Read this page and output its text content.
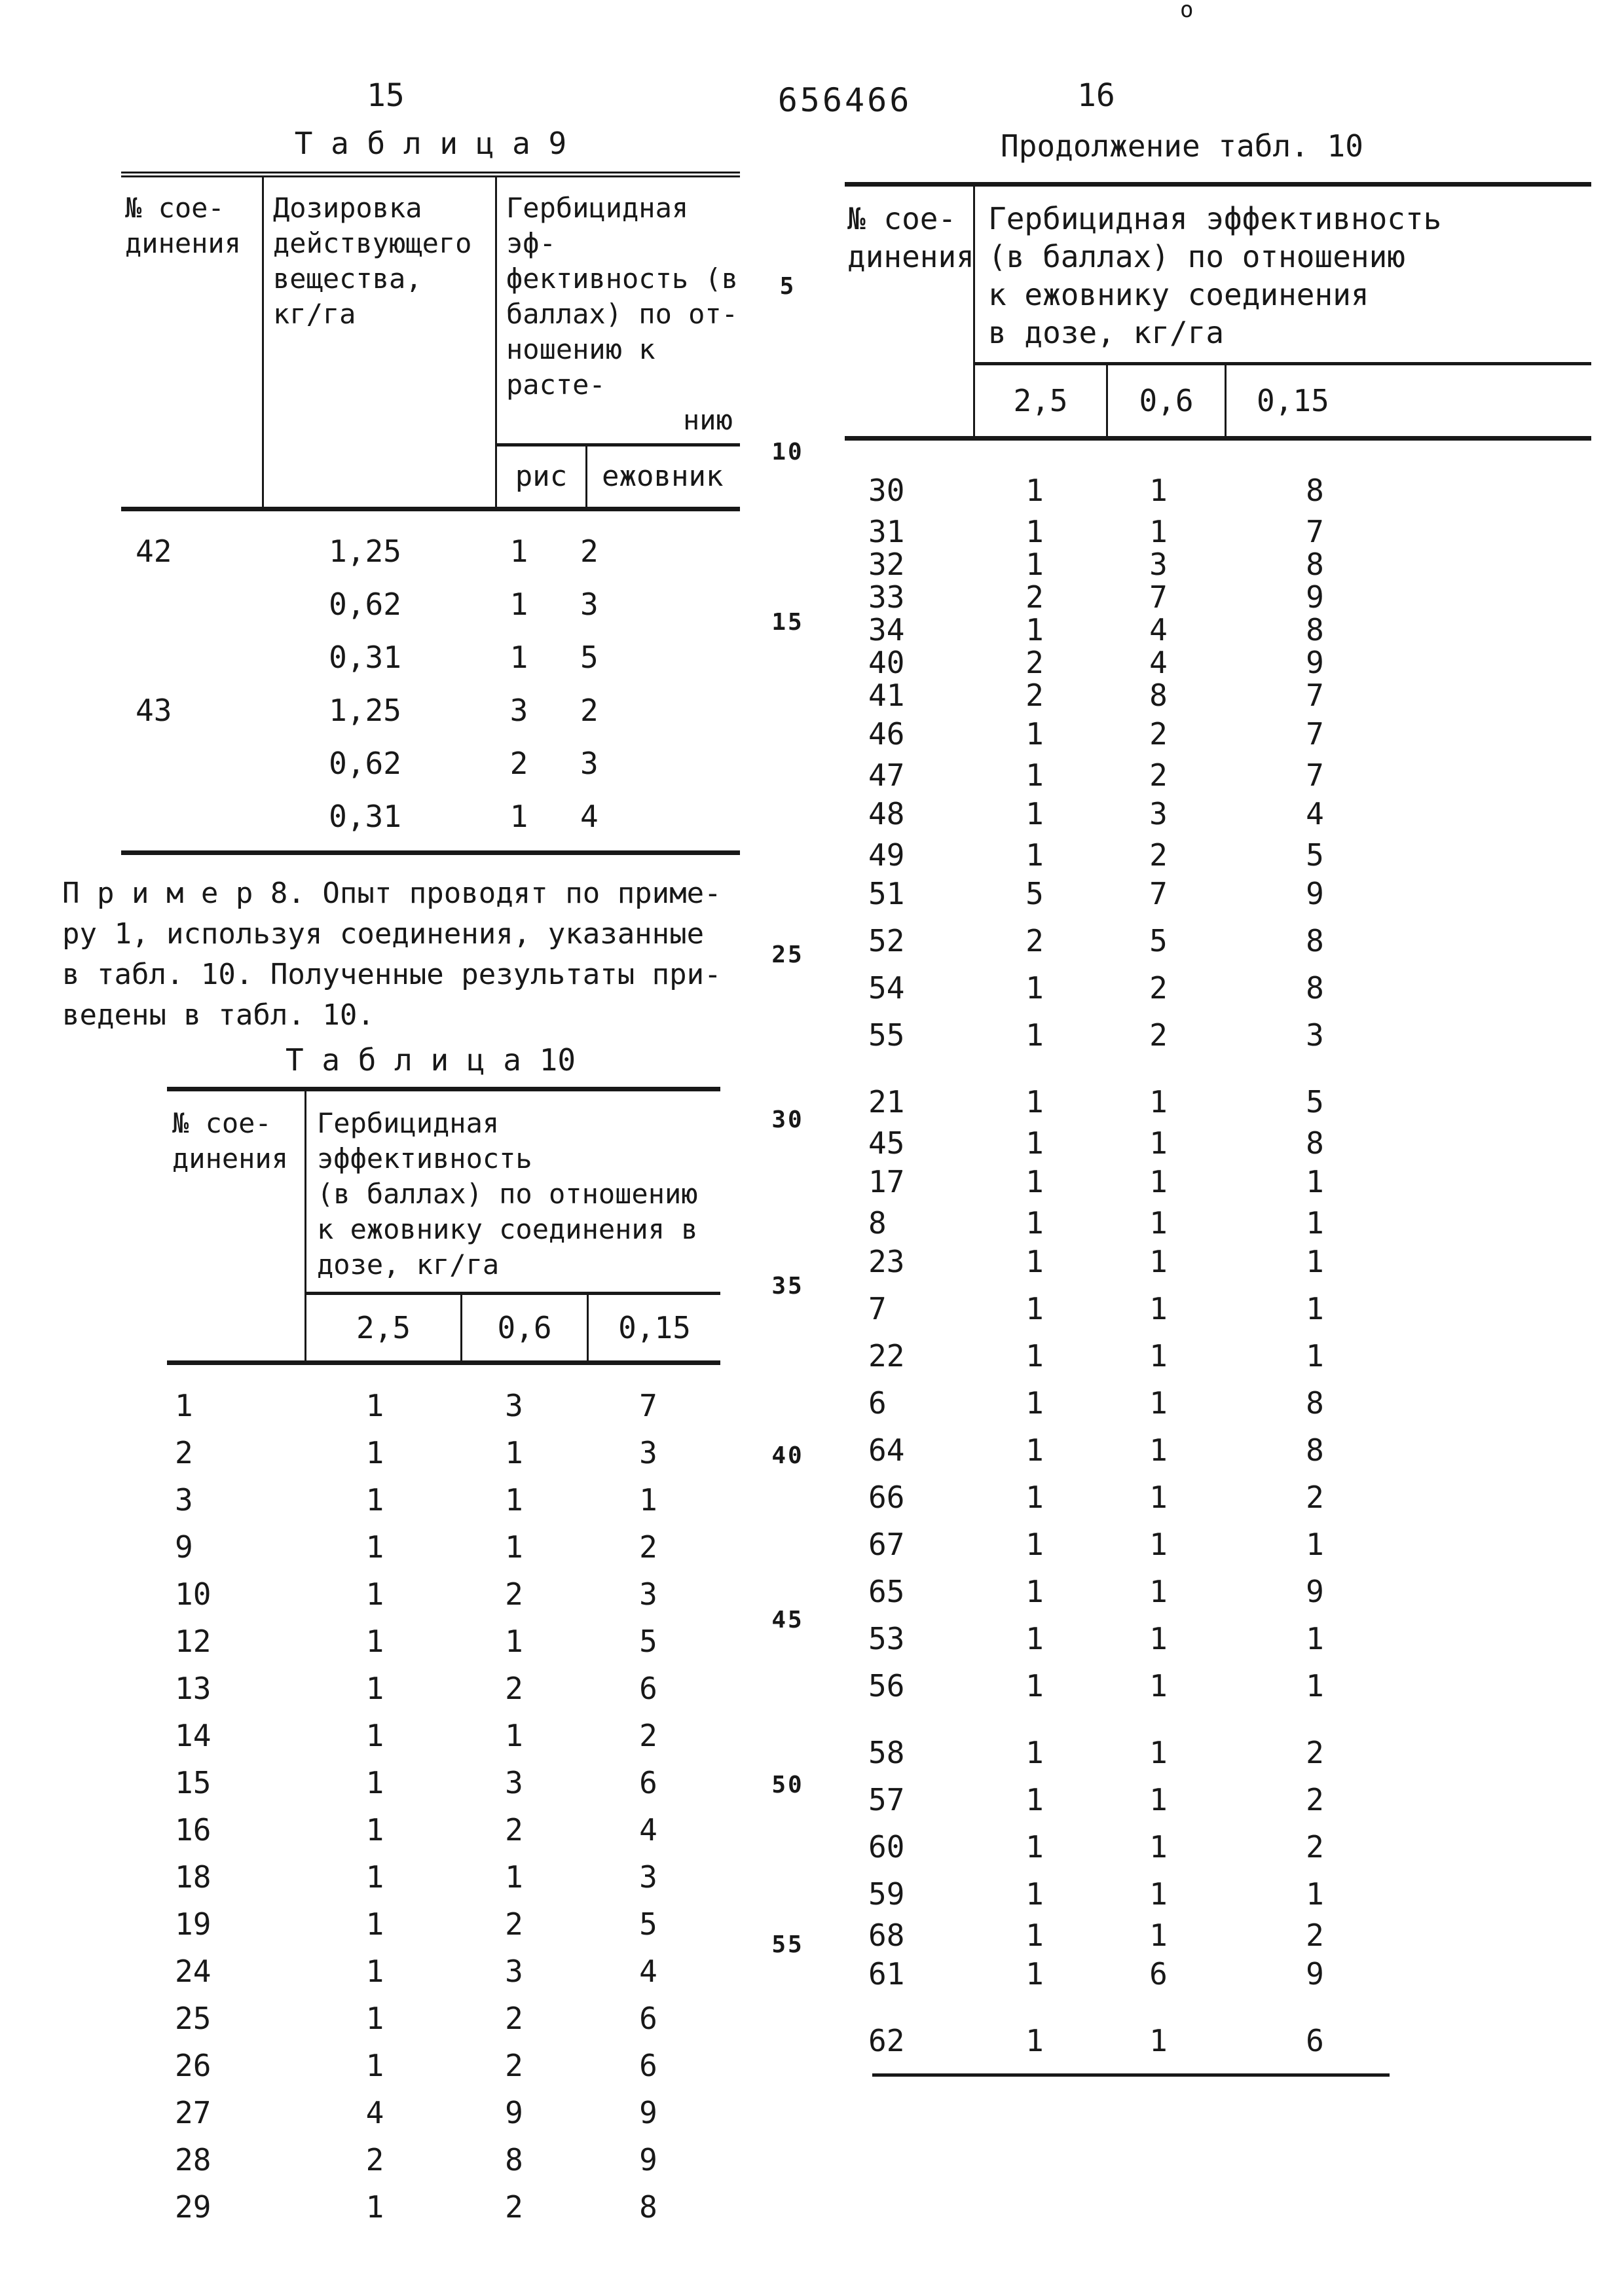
15	656466	16
5
10
15
25
30
35
40
45
50
55
Т а б л и ц а 9
№ сое-
динения
Дозировка
действующего
вещества,
кг/га
Гербицидная эф-
фективность (в
баллах) по от-
ношению к расте-
нию
рис	ежовник
42	1,25	1	2
0,62	1	3
0,31	1	5
43	1,25	3	2
0,62	2	3
0,31	1	4
П р и м е р 8. Опыт проводят по приме-
ру 1, используя соединения, указанные
в табл. 10. Полученные результаты при-
ведены в табл. 10.
Т а б л и ц а 10
№ сое-
динения
Гербицидная эффективность
(в баллах) по отношению
к ежовнику соединения в
дозе, кг/га
2,5	0,6	0,15
1	1	3	7
2	1	1	3
3	1	1	1
9	1	1	2
10	1	2	3
12	1	1	5
13	1	2	6
14	1	1	2
15	1	3	6
16	1	2	4
18	1	1	3
19	1	2	5
24	1	3	4
25	1	2	6
26	1	2	6
27	4	9	9
28	2	8	9
29	1	2	8
Продолжение табл. 10
№ сое-
динения
Гербицидная эффективность
(в баллах) по отношению
к ежовнику соединения
в дозе, кг/га
о
2,5	0,6	0,15
30	1	1	8
31	1	1	7
32	1	3	8
33	2	7	9
34	1	4	8
40	2	4	9
41	2	8	7
46	1	2	7
47	1	2	7
48	1	3	4
49	1	2	5
51	5	7	9
52	2	5	8
54	1	2	8
55	1	2	3
21	1	1	5
45	1	1	8
17	1	1	1
8	1	1	1
23	1	1	1
7	1	1	1
22	1	1	1
6	1	1	8
64	1	1	8
66	1	1	2
67	1	1	1
65	1	1	9
53	1	1	1
56	1	1	1
58	1	1	2
57	1	1	2
60	1	1	2
59	1	1	1
68	1	1	2
61	1	6	9
62	1	1	6
